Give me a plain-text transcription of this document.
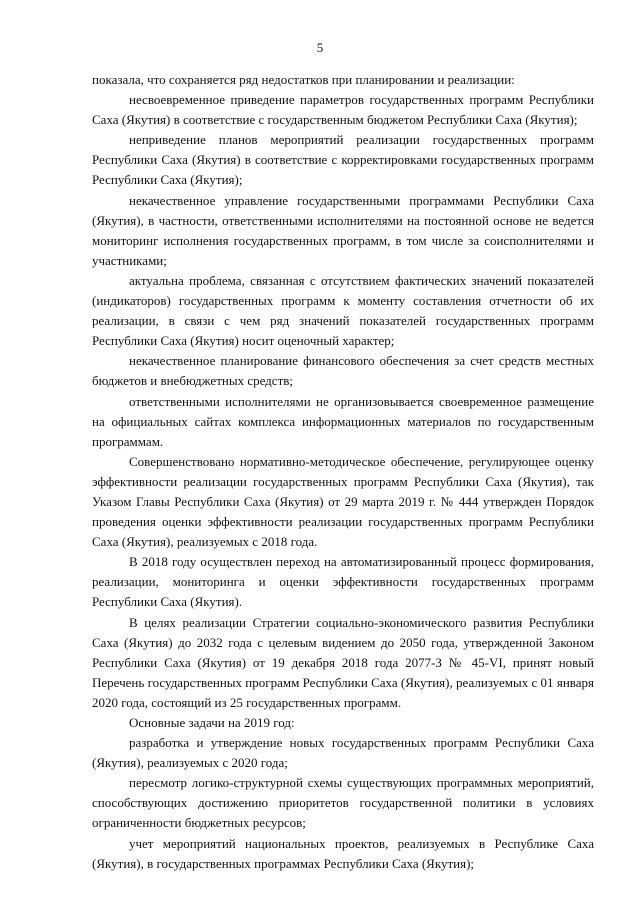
5

показала, что сохраняется ряд недостатков при планировании и реализации:

несвоевременное приведение параметров государственных программ Республики Саха (Якутия) в соответствие с государственным бюджетом Республики Саха (Якутия);

неприведение планов мероприятий реализации государственных программ Республики Саха (Якутия) в соответствие с корректировками государственных программ Республики Саха (Якутия);

некачественное управление государственными программами Республики Саха (Якутия), в частности, ответственными исполнителями на постоянной основе не ведется мониторинг исполнения государственных программ, в том числе за соисполнителями и участниками;

актуальна проблема, связанная с отсутствием фактических значений показателей (индикаторов) государственных программ к моменту составления отчетности об их реализации, в связи с чем ряд значений показателей государственных программ Республики Саха (Якутия) носит оценочный характер;

некачественное планирование финансового обеспечения за счет средств местных бюджетов и внебюджетных средств;

ответственными исполнителями не организовывается своевременное размещение на официальных сайтах комплекса информационных материалов по государственным программам.

Совершенствовано нормативно-методическое обеспечение, регулирующее оценку эффективности реализации государственных программ Республики Саха (Якутия), так Указом Главы Республики Саха (Якутия) от 29 марта 2019 г. № 444 утвержден Порядок проведения оценки эффективности реализации государственных программ Республики Саха (Якутия), реализуемых с 2018 года.

В 2018 году осуществлен переход на автоматизированный процесс формирования, реализации, мониторинга и оценки эффективности государственных программ Республики Саха (Якутия).

В целях реализации Стратегии социально-экономического развития Республики Саха (Якутия) до 2032 года с целевым видением до 2050 года, утвержденной Законом Республики Саха (Якутия) от 19 декабря 2018 года 2077-З № 45-VI, принят новый Перечень государственных программ Республики Саха (Якутия), реализуемых с 01 января 2020 года, состоящий из 25 государственных программ.

Основные задачи на 2019 год:

разработка и утверждение новых государственных программ Республики Саха (Якутия), реализуемых с 2020 года;

пересмотр логико-структурной схемы существующих программных мероприятий, способствующих достижению приоритетов государственной политики в условиях ограниченности бюджетных ресурсов;

учет мероприятий национальных проектов, реализуемых в Республике Саха (Якутия), в государственных программах Республики Саха (Якутия);
